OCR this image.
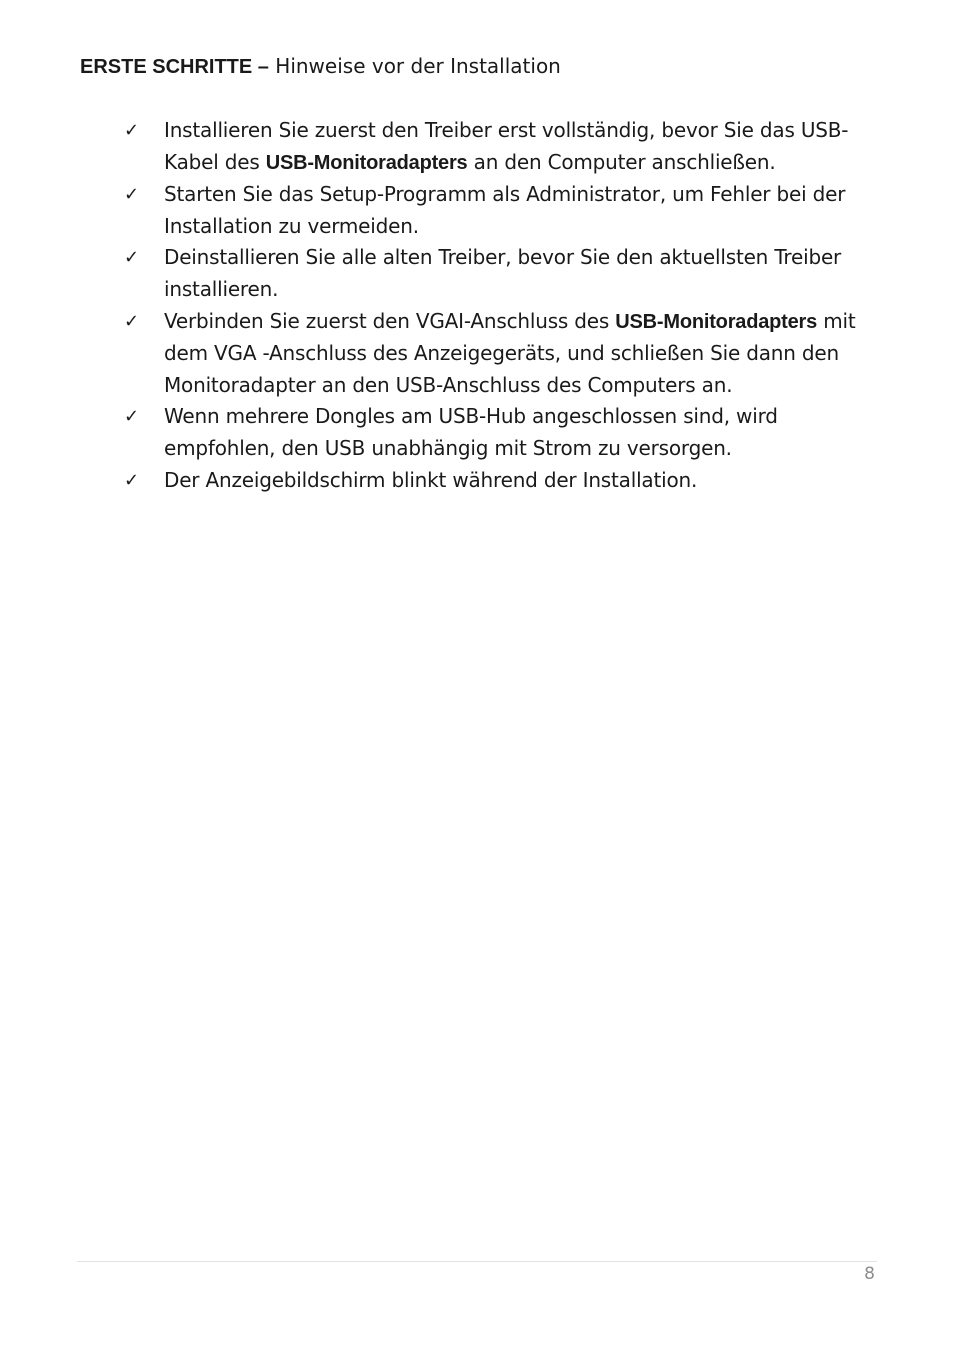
ERSTE SCHRITTE – Hinweise vor der Installation
✓	Installieren Sie zuerst den Treiber erst vollständig, bevor Sie das USB-Kabel des USB-Monitoradapters an den Computer anschließen.
✓	Starten Sie das Setup-Programm als Administrator, um Fehler bei der Installation zu vermeiden.
✓	Deinstallieren Sie alle alten Treiber, bevor Sie den aktuellsten Treiber installieren.
✓	Verbinden Sie zuerst den VGAI-Anschluss des USB-Monitoradapters mit dem VGA -Anschluss des Anzeigegeräts, und schließen Sie dann den Monitoradapter an den USB-Anschluss des Computers an.
✓	Wenn mehrere Dongles am USB-Hub angeschlossen sind, wird empfohlen, den USB unabhängig mit Strom zu versorgen.
✓	Der Anzeigebildschirm blinkt während der Installation.
8
